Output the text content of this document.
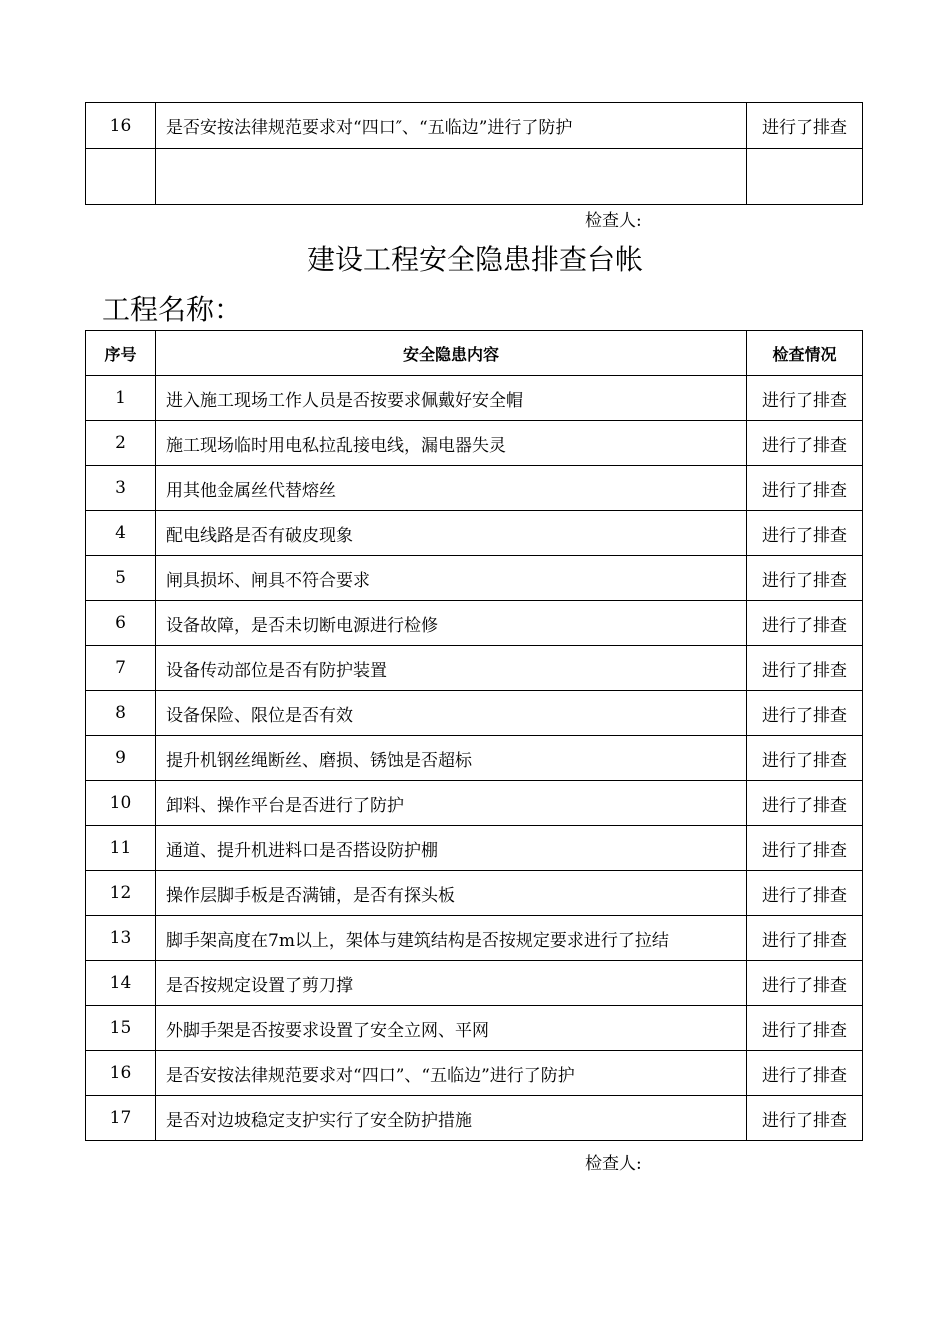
16	是否安按法律规范要求对“四口″、“五临边”进行了防护	进行了排查

检查人:
建设工程安全隐患排查台帐
工程名称：
序号	安全隐患内容	检查情况
1	进入施工现场工作人员是否按要求佩戴好安全帽	进行了排查
2	施工现场临时用电私拉乱接电线，漏电器失灵	进行了排查
3	用其他金属丝代替熔丝	进行了排查
4	配电线路是否有破皮现象	进行了排查
5	闸具损坏、闸具不符合要求	进行了排查
6	设备故障，是否未切断电源进行检修	进行了排查
7	设备传动部位是否有防护装置	进行了排查
8	设备保险、限位是否有效	进行了排查
9	提升机钢丝绳断丝、磨损、锈蚀是否超标	进行了排查
10	卸料、操作平台是否进行了防护	进行了排查
11	通道、提升机进料口是否搭设防护棚	进行了排查
12	操作层脚手板是否满铺，是否有探头板	进行了排查
13	脚手架高度在7m以上，架体与建筑结构是否按规定要求进行了拉结	进行了排查
14	是否按规定设置了剪刀撑	进行了排查
15	外脚手架是否按要求设置了安全立网、平网	进行了排查
16	是否安按法律规范要求对“四口”、“五临边”进行了防护	进行了排查
17	是否对边坡稳定支护实行了安全防护措施	进行了排查
检查人:
